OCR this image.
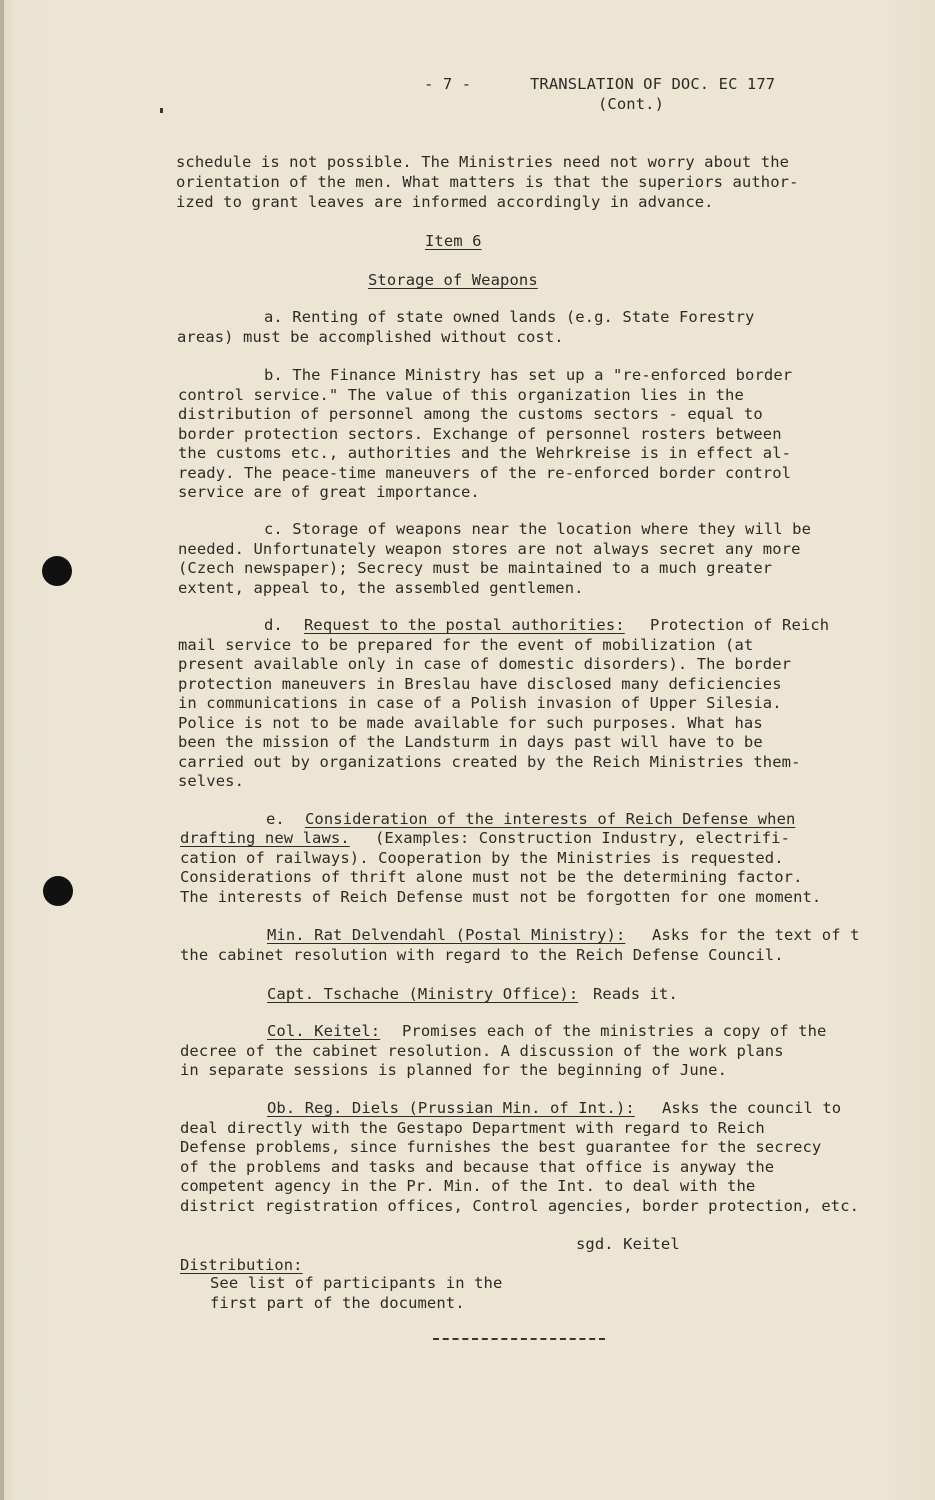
- 7 -	TRANSLATION OF DOC. EC 177
(Cont.)
schedule is not possible. The Ministries need not worry about the
orientation of the men. What matters is that the superiors author-
ized to grant leaves are informed accordingly in advance.
Item 6
Storage of Weapons
a. Renting of state owned lands (e.g. State Forestry
areas) must be accomplished without cost.
b. The Finance Ministry has set up a "re-enforced border
control service." The value of this organization lies in the
distribution of personnel among the customs sectors - equal to
border protection sectors. Exchange of personnel rosters between
the customs etc., authorities and the Wehrkreise is in effect al-
ready. The peace-time maneuvers of the re-enforced border control
service are of great importance.
c. Storage of weapons near the location where they will be
needed. Unfortunately weapon stores are not always secret any more
(Czech newspaper); Secrecy must be maintained to a much greater
extent, appeal to, the assembled gentlemen.
d. Request to the postal authorities: Protection of Reich
mail service to be prepared for the event of mobilization (at
present available only in case of domestic disorders). The border
protection maneuvers in Breslau have disclosed many deficiencies
in communications in case of a Polish invasion of Upper Silesia.
Police is not to be made available for such purposes. What has
been the mission of the Landsturm in days past will have to be
carried out by organizations created by the Reich Ministries them-
selves.
e. Consideration of the interests of Reich Defense when
drafting new laws. (Examples: Construction Industry, electrifi-
cation of railways). Cooperation by the Ministries is requested.
Considerations of thrift alone must not be the determining factor.
The interests of Reich Defense must not be forgotten for one moment.
Min. Rat Delvendahl (Postal Ministry): Asks for the text of t
the cabinet resolution with regard to the Reich Defense Council.
Capt. Tschache (Ministry Office): Reads it.
Col. Keitel: Promises each of the ministries a copy of the
decree of the cabinet resolution. A discussion of the work plans
in separate sessions is planned for the beginning of June.
Ob. Reg. Diels (Prussian Min. of Int.): Asks the council to
deal directly with the Gestapo Department with regard to Reich
Defense problems, since furnishes the best guarantee for the secrecy
of the problems and tasks and because that office is anyway the
competent agency in the Pr. Min. of the Int. to deal with the
district registration offices, Control agencies, border protection, etc.
sgd. Keitel
Distribution:
See list of participants in the
first part of the document.
